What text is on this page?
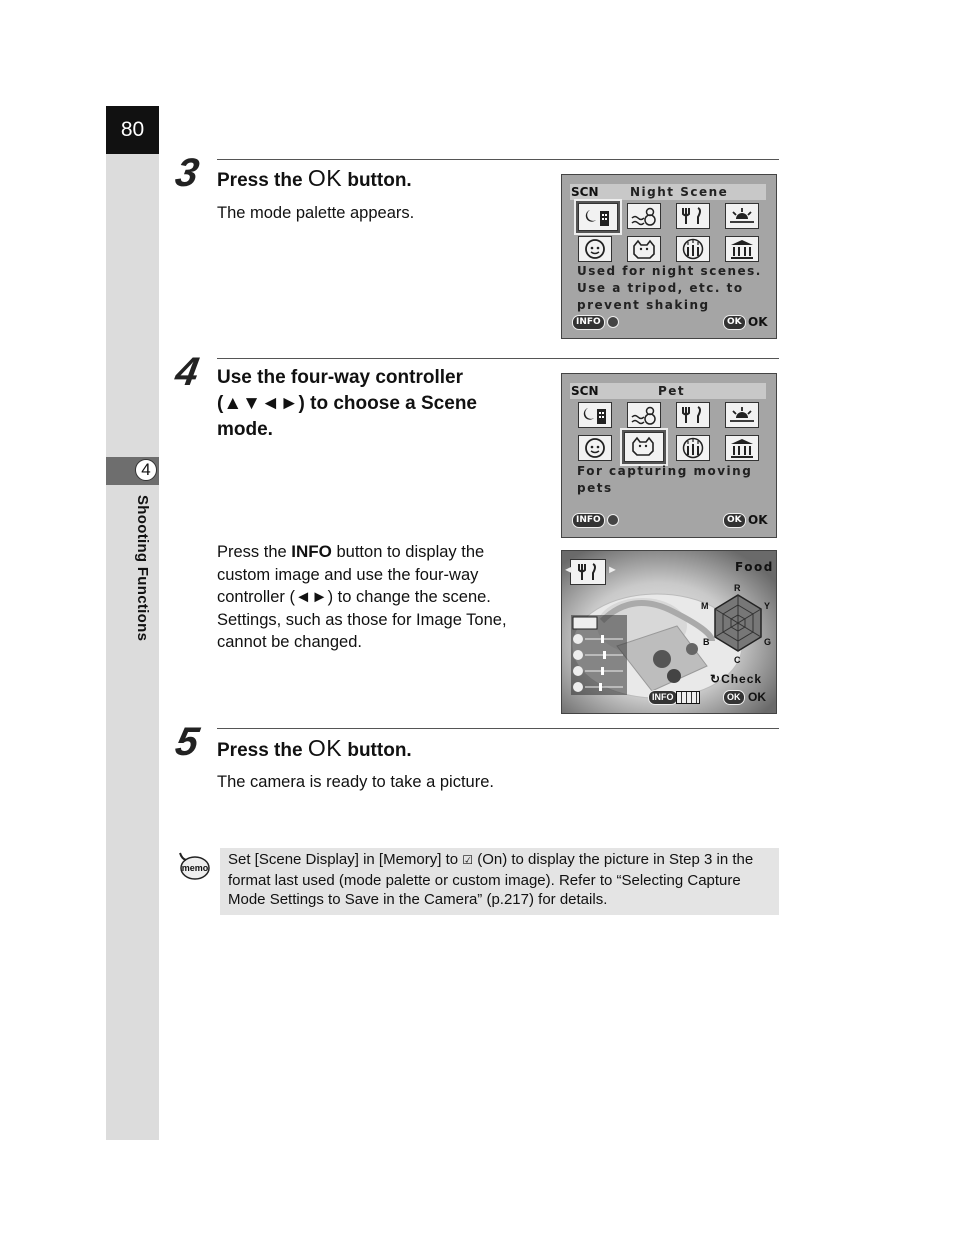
80
4
Shooting Functions
3 Press the OK button.
The mode palette appears.
SCN	Night Scene
Used for night scenes.
Use a tripod, etc. to
prevent shaking
INFO	OK OK
4 Use the four-way controller
(▲▼◄►) to choose a Scene
mode.
SCN	Pet
For capturing moving
pets
INFO	OK OK
Press the INFO button to display the
custom image and use the four-way
controller (◄►) to change the scene.
Settings, such as those for Image Tone,
cannot be changed.
◄	►	Food
R
Y
G
C
B
M
↻Check
INFO	OK OK
5 Press the OK button.
The camera is ready to take a picture.
memo Set [Scene Display] in [Memory] to ☑ (On) to display the picture in Step 3 in the format last used (mode palette or custom image). Refer to “Selecting Capture Mode Settings to Save in the Camera” (p.217) for details.
